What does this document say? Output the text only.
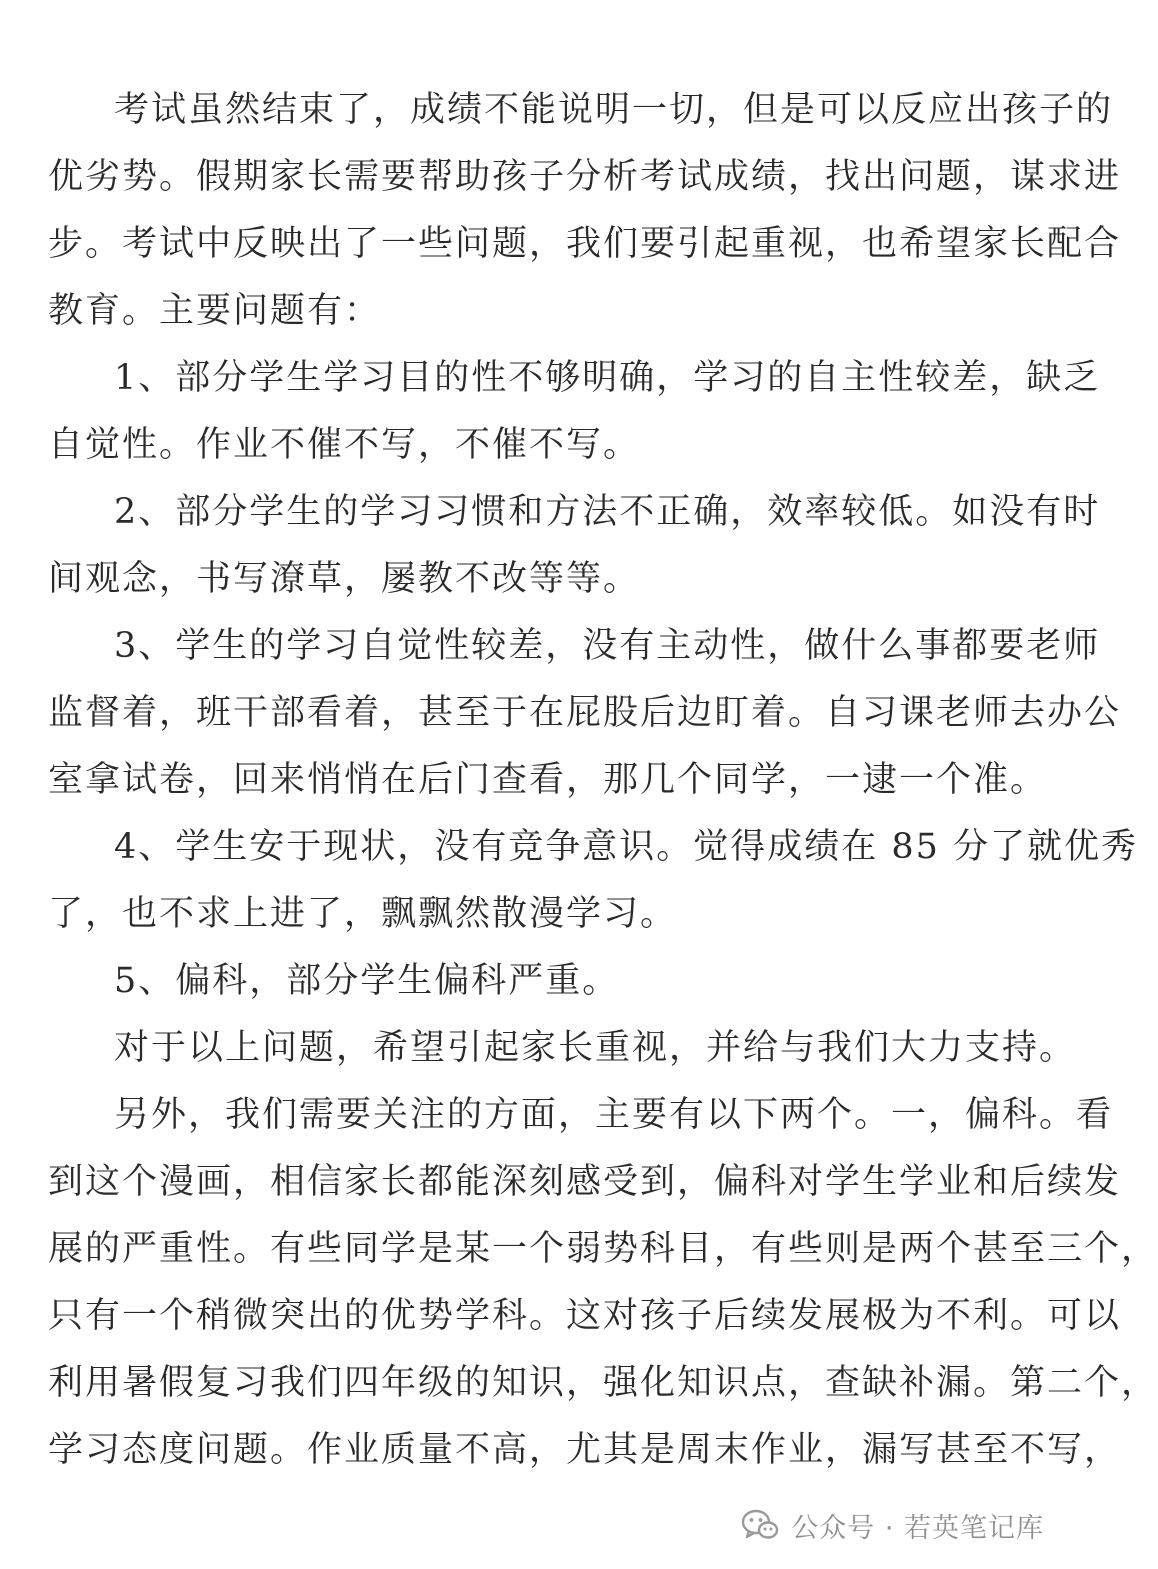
考试虽然结束了，成绩不能说明一切，但是可以反应出孩子的
优劣势。假期家长需要帮助孩子分析考试成绩，找出问题，谋求进
步。考试中反映出了一些问题，我们要引起重视，也希望家长配合
教育。主要问题有：
1、部分学生学习目的性不够明确，学习的自主性较差，缺乏
自觉性。作业不催不写，不催不写。
2、部分学生的学习习惯和方法不正确，效率较低。如没有时
间观念，书写潦草，屡教不改等等。
3、学生的学习自觉性较差，没有主动性，做什么事都要老师
监督着，班干部看着，甚至于在屁股后边盯着。自习课老师去办公
室拿试卷，回来悄悄在后门查看，那几个同学，一逮一个准。
4、学生安于现状，没有竞争意识。觉得成绩在 85 分了就优秀
了，也不求上进了，飘飘然散漫学习。
5、偏科，部分学生偏科严重。
对于以上问题，希望引起家长重视，并给与我们大力支持。
另外，我们需要关注的方面，主要有以下两个。一，偏科。看
到这个漫画，相信家长都能深刻感受到，偏科对学生学业和后续发
展的严重性。有些同学是某一个弱势科目，有些则是两个甚至三个，
只有一个稍微突出的优势学科。这对孩子后续发展极为不利。可以
利用暑假复习我们四年级的知识，强化知识点，查缺补漏。第二个，
学习态度问题。作业质量不高，尤其是周末作业，漏写甚至不写，
公众号 · 若英笔记库
